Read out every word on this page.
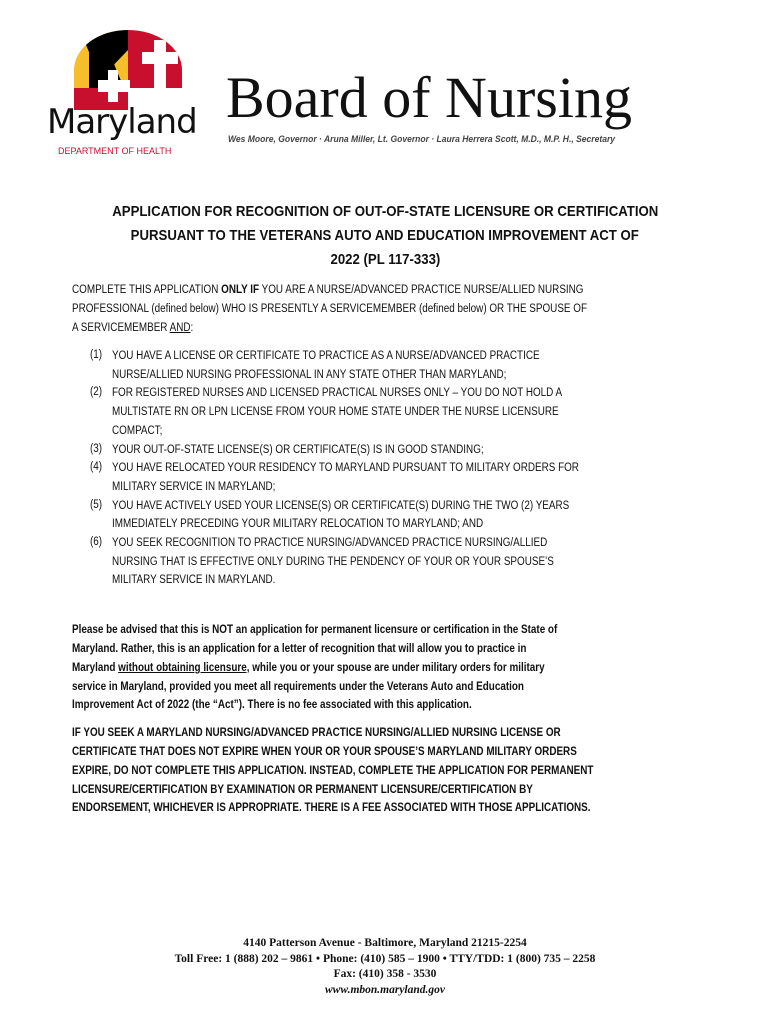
Maryland
DEPARTMENT OF HEALTH
Board of Nursing
Wes Moore, Governor · Aruna Miller, Lt. Governor · Laura Herrera Scott, M.D., M.P. H., Secretary
APPLICATION FOR RECOGNITION OF OUT-OF-STATE LICENSURE OR CERTIFICATION
PURSUANT TO THE VETERANS AUTO AND EDUCATION IMPROVEMENT ACT OF
2022 (PL 117-333)
COMPLETE THIS APPLICATION ONLY IF YOU ARE A NURSE/ADVANCED PRACTICE NURSE/ALLIED NURSING
PROFESSIONAL (defined below) WHO IS PRESENTLY A SERVICEMEMBER (defined below) OR THE SPOUSE OF
A SERVICEMEMBER AND:
(1) YOU HAVE A LICENSE OR CERTIFICATE TO PRACTICE AS A NURSE/ADVANCED PRACTICE
NURSE/ALLIED NURSING PROFESSIONAL IN ANY STATE OTHER THAN MARYLAND;
(2) FOR REGISTERED NURSES AND LICENSED PRACTICAL NURSES ONLY – YOU DO NOT HOLD A
MULTISTATE RN OR LPN LICENSE FROM YOUR HOME STATE UNDER THE NURSE LICENSURE
COMPACT;
(3) YOUR OUT-OF-STATE LICENSE(S) OR CERTIFICATE(S) IS IN GOOD STANDING;
(4) YOU HAVE RELOCATED YOUR RESIDENCY TO MARYLAND PURSUANT TO MILITARY ORDERS FOR
MILITARY SERVICE IN MARYLAND;
(5) YOU HAVE ACTIVELY USED YOUR LICENSE(S) OR CERTIFICATE(S) DURING THE TWO (2) YEARS
IMMEDIATELY PRECEDING YOUR MILITARY RELOCATION TO MARYLAND; AND
(6) YOU SEEK RECOGNITION TO PRACTICE NURSING/ADVANCED PRACTICE NURSING/ALLIED
NURSING THAT IS EFFECTIVE ONLY DURING THE PENDENCY OF YOUR OR YOUR SPOUSE’S
MILITARY SERVICE IN MARYLAND.
Please be advised that this is NOT an application for permanent licensure or certification in the State of
Maryland. Rather, this is an application for a letter of recognition that will allow you to practice in
Maryland without obtaining licensure, while you or your spouse are under military orders for military
service in Maryland, provided you meet all requirements under the Veterans Auto and Education
Improvement Act of 2022 (the “Act”). There is no fee associated with this application.
IF YOU SEEK A MARYLAND NURSING/ADVANCED PRACTICE NURSING/ALLIED NURSING LICENSE OR
CERTIFICATE THAT DOES NOT EXPIRE WHEN YOUR OR YOUR SPOUSE’S MARYLAND MILITARY ORDERS
EXPIRE, DO NOT COMPLETE THIS APPLICATION. INSTEAD, COMPLETE THE APPLICATION FOR PERMANENT
LICENSURE/CERTIFICATION BY EXAMINATION OR PERMANENT LICENSURE/CERTIFICATION BY
ENDORSEMENT, WHICHEVER IS APPROPRIATE. THERE IS A FEE ASSOCIATED WITH THOSE APPLICATIONS.
4140 Patterson Avenue - Baltimore, Maryland 21215-2254
Toll Free: 1 (888) 202 – 9861 • Phone: (410) 585 – 1900 • TTY/TDD: 1 (800) 735 – 2258
Fax: (410) 358 - 3530
www.mbon.maryland.gov
